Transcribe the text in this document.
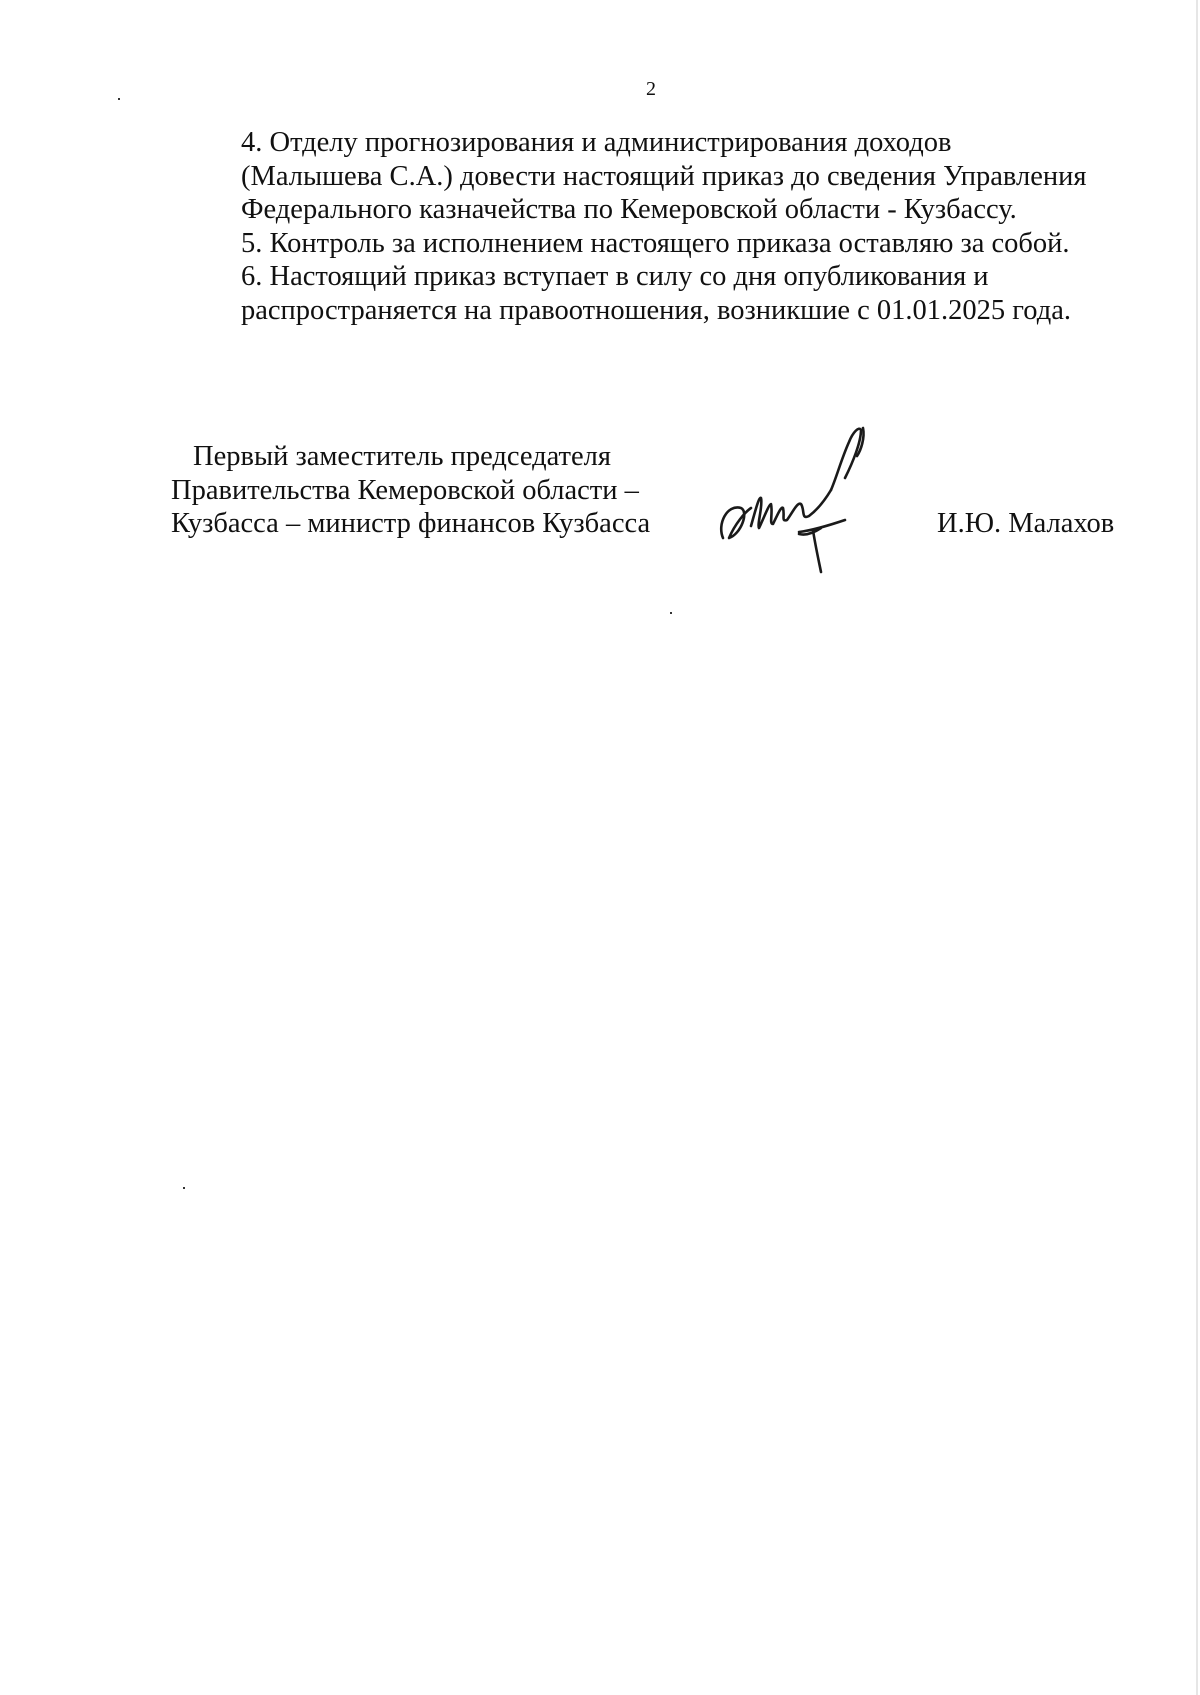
2

4. Отделу прогнозирования и администрирования доходов
(Малышева С.А.) довести настоящий приказ до сведения Управления
Федерального казначейства по Кемеровской области - Кузбассу.

5. Контроль за исполнением настоящего приказа оставляю за собой.

6. Настоящий приказ вступает в силу со дня опубликования и
распространяется на правоотношения, возникшие с 01.01.2025 года.

Первый заместитель председателя
Правительства Кемеровской области –
Кузбасса – министр финансов Кузбасса	И.Ю. Малахов
